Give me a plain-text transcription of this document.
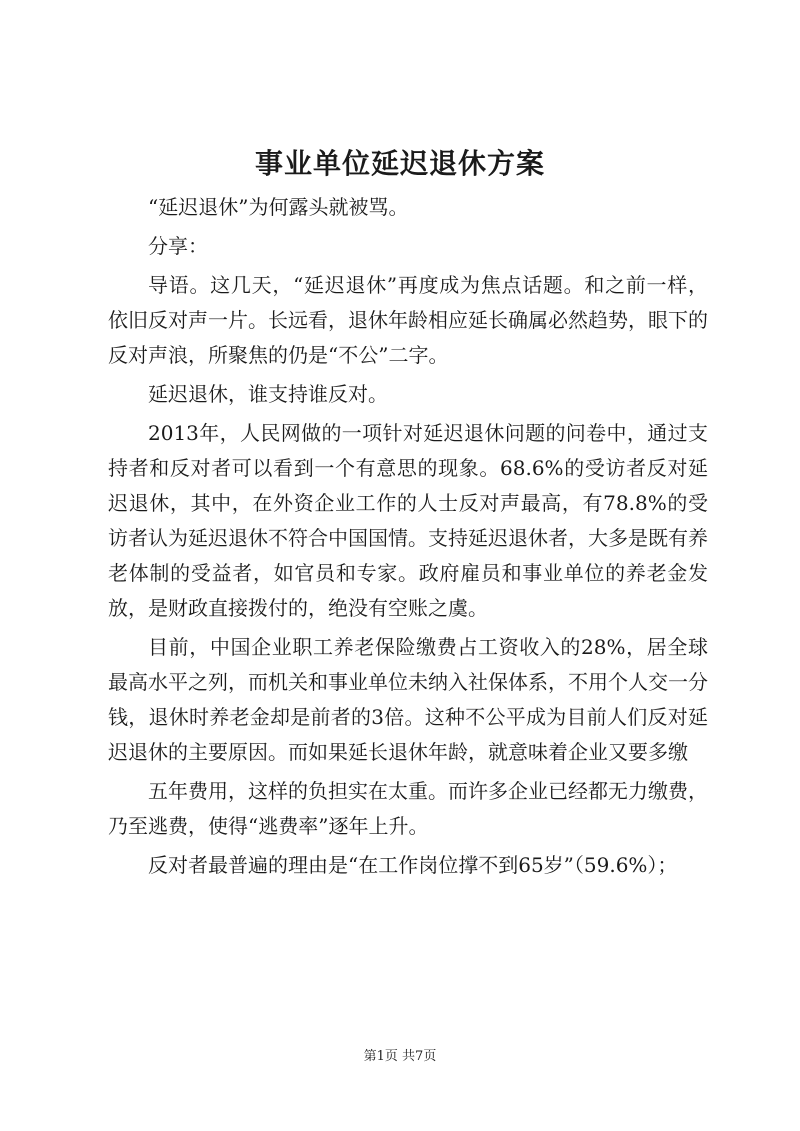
事业单位延迟退休方案

“延迟退休”为何露头就被骂。

分享：

导语。这几天，“延迟退休”再度成为焦点话题。和之前一样，依旧反对声一片。长远看，退休年龄相应延长确属必然趋势，眼下的反对声浪，所聚焦的仍是“不公”二字。

延迟退休，谁支持谁反对。

2013年，人民网做的一项针对延迟退休问题的问卷中，通过支持者和反对者可以看到一个有意思的现象。68.6%的受访者反对延迟退休，其中，在外资企业工作的人士反对声最高，有78.8%的受访者认为延迟退休不符合中国国情。支持延迟退休者，大多是既有养老体制的受益者，如官员和专家。政府雇员和事业单位的养老金发放，是财政直接拨付的，绝没有空账之虞。

目前，中国企业职工养老保险缴费占工资收入的28%，居全球最高水平之列，而机关和事业单位未纳入社保体系，不用个人交一分钱，退休时养老金却是前者的3倍。这种不公平成为目前人们反对延迟退休的主要原因。而如果延长退休年龄，就意味着企业又要多缴

五年费用，这样的负担实在太重。而许多企业已经都无力缴费，乃至逃费，使得“逃费率”逐年上升。

反对者最普遍的理由是“在工作岗位撑不到65岁”（59.6%）；

第1页 共7页
